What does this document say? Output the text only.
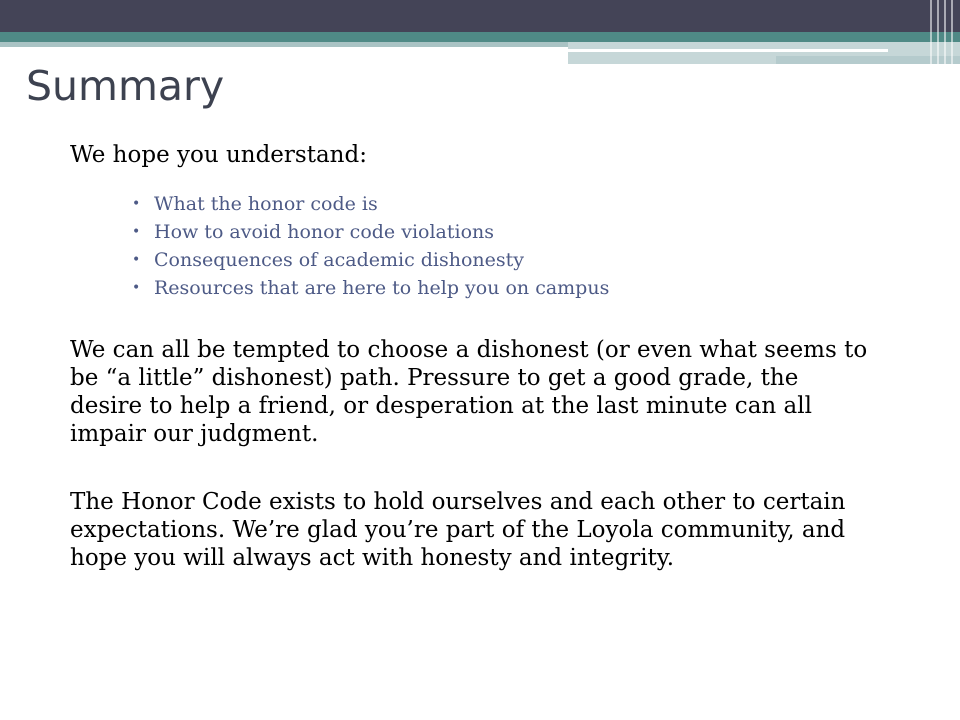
Summary

We hope you understand:

• What the honor code is
• How to avoid honor code violations
• Consequences of academic dishonesty
• Resources that are here to help you on campus

We can all be tempted to choose a dishonest (or even what seems to be “a little” dishonest) path. Pressure to get a good grade, the desire to help a friend, or desperation at the last minute can all impair our judgment.

The Honor Code exists to hold ourselves and each other to certain expectations. We’re glad you’re part of the Loyola community, and hope you will always act with honesty and integrity.
